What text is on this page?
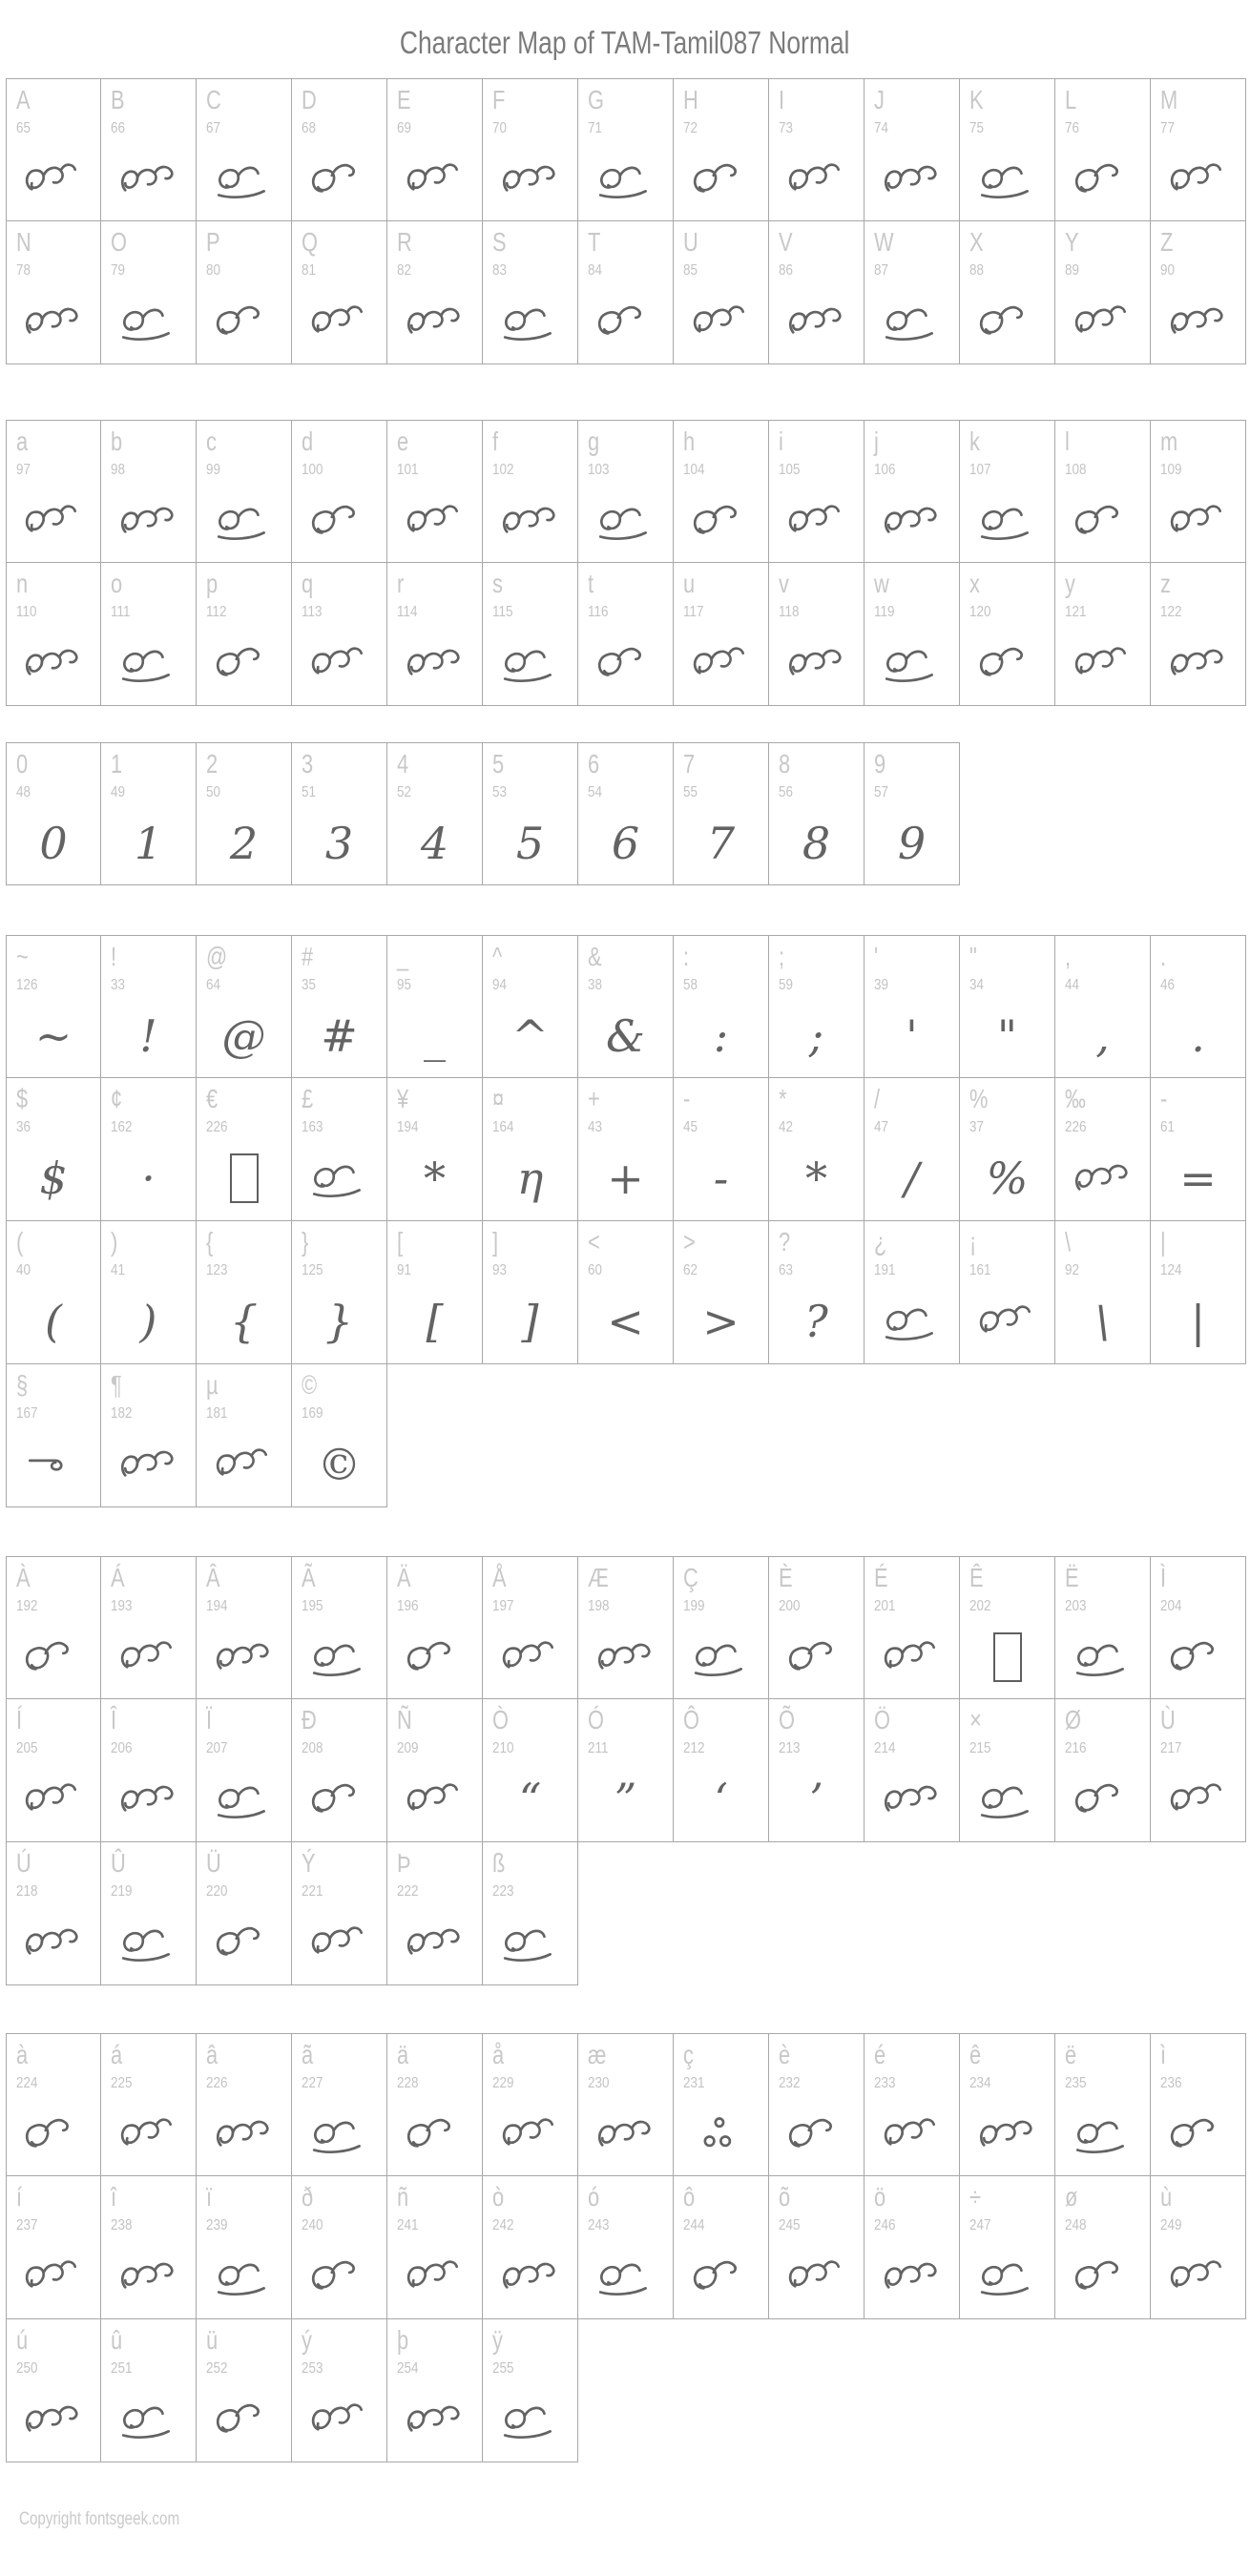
Character Map of TAM-Tamil087 Normal
A
65
B
66
C
67
D
68
E
69
F
70
G
71
H
72
I
73
J
74
K
75
L
76
M
77
N
78
O
79
P
80
Q
81
R
82
S
83
T
84
U
85
V
86
W
87
X
88
Y
89
Z
90
a
97
b
98
c
99
d
100
e
101
f
102
g
103
h
104
i
105
j
106
k
107
l
108
m
109
n
110
o
111
p
112
q
113
r
114
s
115
t
116
u
117
v
118
w
119
x
120
y
121
z
122
0
48
0
1
49
1
2
50
2
3
51
3
4
52
4
5
53
5
6
54
6
7
55
7
8
56
8
9
57
9
~
126
~
!
33
!
@
64
@
#
35
#
_
95
_
^
94
^
&
38
&
:
58
:
;
59
;
'
39
'
"
34
"
,
44
,
.
46
.
$
36
$
¢
162
·
€
226
£
163
¥
194
*
¤
164
η
+
43
+
-
45
-
*
42
*
/
47
/
%
37
%
‰
226
-
61
=
(
40
(
)
41
)
{
123
{
}
125
}
[
91
[
]
93
]
<
60
<
>
62
>
?
63
?
¿
191
¡
161
\
92
\
|
124
|
§
167
¶
182
µ
181
©
169
©
À
192
Á
193
Â
194
Ã
195
Ä
196
Å
197
Æ
198
Ç
199
È
200
É
201
Ê
202
Ë
203
Ì
204
Í
205
Î
206
Ï
207
Ð
208
Ñ
209
Ò
210
“
Ó
211
”
Ô
212
‘
Õ
213
’
Ö
214
×
215
Ø
216
Ù
217
Ú
218
Û
219
Ü
220
Ý
221
Þ
222
ß
223
à
224
á
225
â
226
ã
227
ä
228
å
229
æ
230
ç
231
è
232
é
233
ê
234
ë
235
ì
236
í
237
î
238
ï
239
ð
240
ñ
241
ò
242
ó
243
ô
244
õ
245
ö
246
÷
247
ø
248
ù
249
ú
250
û
251
ü
252
ý
253
þ
254
ÿ
255
Copyright fontsgeek.com
